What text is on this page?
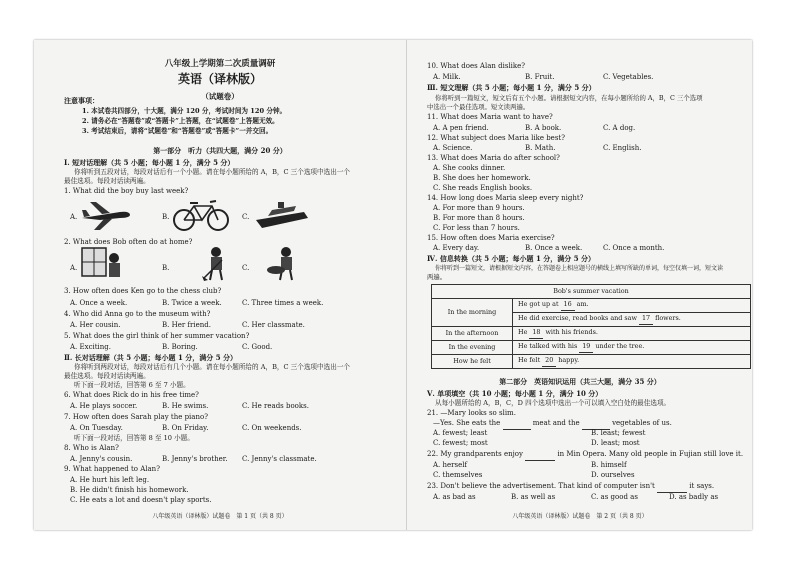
八年级上学期第二次质量调研
英语（译林版）
（试题卷）
注意事项：
1. 本试卷共四部分，十大题，满分 120 分，考试时间为 120 分钟。
2. 请务必在“答题卷”或“答题卡”上答题，在“试题卷”上答题无效。
3. 考试结束后，请将“试题卷”和“答题卷”或“答题卡”一并交回。
第一部分　听力（共四大题，满分 20 分）
Ⅰ. 短对话理解（共 5 小题；每小题 1 分，满分 5 分）
你将听到五段对话，每段对话后有一个小题。请在每小题所给的 A，B，C 三个选项中选出一个
最佳选项。每段对话读两遍。
1. What did the boy buy last week?
A.	B.	C.
2. What does Bob often do at home?
A.	B.	C.
3. How often does Ken go to the chess club?
A. Once a week.	B. Twice a week.	C. Three times a week.
4. Who did Anna go to the museum with?
A. Her cousin.	B. Her friend.	C. Her classmate.
5. What does the girl think of her summer vacation?
A. Exciting.	B. Boring.	C. Good.
Ⅱ. 长对话理解（共 5 小题；每小题 1 分，满分 5 分）
你将听到两段对话，每段对话后有几个小题。请在每小题所给的 A，B，C 三个选项中选出一个
最佳选项。每段对话读两遍。
听下面一段对话，回答第 6 至 7 小题。
6. What does Rick do in his free time?
A. He plays soccer.	B. He swims.	C. He reads books.
7. How often does Sarah play the piano?
A. On Tuesday.	B. On Friday.	C. On weekends.
听下面一段对话，回答第 8 至 10 小题。
8. Who is Alan?
A. Jenny's cousin.	B. Jenny's brother. C. Jenny's classmate.
9. What happened to Alan?
A. He hurt his left leg.
B. He didn't finish his homework.
C. He eats a lot and doesn't play sports.
八年级英语（译林版）试题卷　第 1 页（共 8 页）
10. What does Alan dislike?
A. Milk.	B. Fruit.	C. Vegetables.
Ⅲ. 短文理解（共 5 小题；每小题 1 分，满分 5 分）
你将听到一篇短文，短文后有五个小题。请根据短文内容，在每小题所给的 A，B，C 三个选项
中选出一个最佳选项。短文读两遍。
11. What does Maria want to have?
A. A pen friend.	B. A book.	C. A dog.
12. What subject does Maria like best?
A. Science.	B. Math.	C. English.
13. What does Maria do after school?
A. She cooks dinner.
B. She does her homework.
C. She reads English books.
14. How long does Maria sleep every night?
A. For more than 9 hours.
B. For more than 8 hours.
C. For less than 7 hours.
15. How often does Maria exercise?
A. Every day.	B. Once a week.	C. Once a month.
Ⅳ. 信息转换（共 5 小题；每小题 1 分，满分 5 分）
你将听到一篇短文，请根据短文内容，在答题卷上相应题号的横线上填写所缺的单词，每空仅填一词，短文读
两遍。
Bob's summer vacation	
In the morning	He got up at 16 am.
	He did exercise, read books and saw 17 flowers.
In the afternoon	He 18 with his friends.
In the evening	He talked with his 19 under the tree.
How he felt	He felt 20 happy.
第二部分　英语知识运用（共三大题，满分 35 分）
Ⅴ. 单项填空（共 10 小题；每小题 1 分，满分 10 分）
从每小题所给的 A，B，C，D 四个选项中选出一个可以填入空白处的最佳选项。
21. —Mary looks so slim.
—Yes. She eats the	meat and the	vegetables of us.
A. fewest; least	B. least; fewest
C. fewest; most	D. least; most
22. My grandparents enjoy	in Min Opera. Many old people in Fujian still love it.
A. herself	B. himself
C. themselves	D. ourselves
23. Don't believe the advertisement. That kind of computer isn't	it says.
A. as bad as	B. as well as	C. as good as	D. as badly as
八年级英语（译林版）试题卷　第 2 页（共 8 页）
